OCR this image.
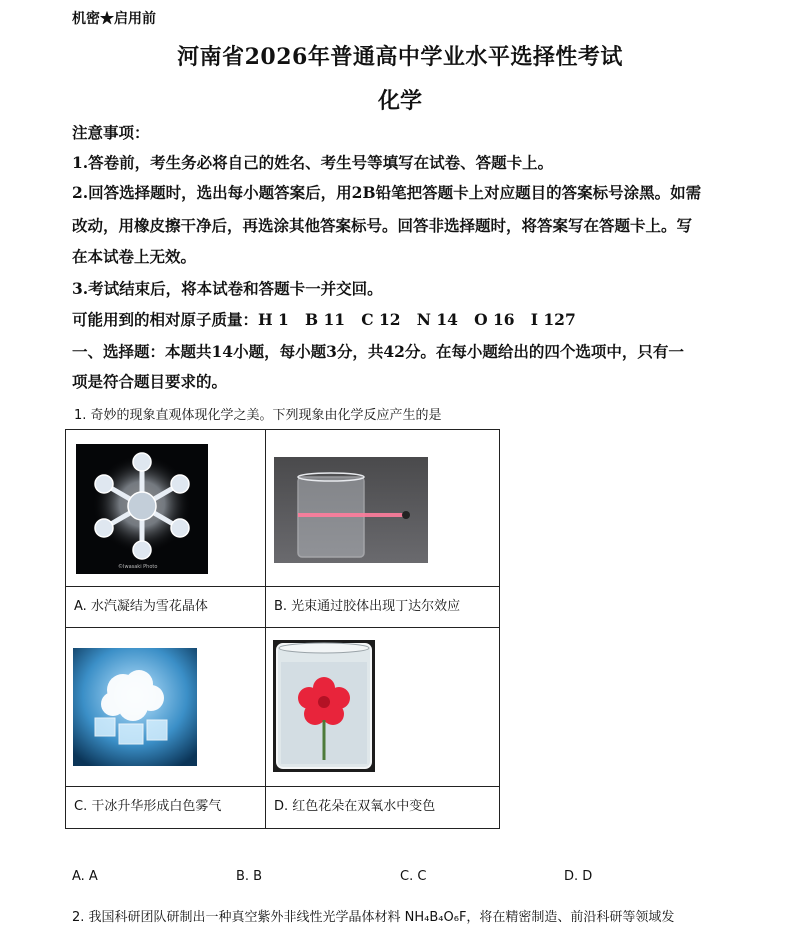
机密★启用前
河南省2026年普通高中学业水平选择性考试
化学
注意事项：
1.答卷前，考生务必将自己的姓名、考生号等填写在试卷、答题卡上。
2.回答选择题时，选出每小题答案后，用2B铅笔把答题卡上对应题目的答案标号涂黑。如需
改动，用橡皮擦干净后，再选涂其他答案标号。回答非选择题时，将答案写在答题卡上。写
在本试卷上无效。
3.考试结束后，将本试卷和答题卡一并交回。
可能用到的相对原子质量：H 1   B 11   C 12   N 14   O 16   I 127
一、选择题：本题共14小题，每小题3分，共42分。在每小题给出的四个选项中，只有一
项是符合题目要求的。
1. 奇妙的现象直观体现化学之美。下列现象由化学反应产生的是
©Iwasaki Photo
A. 水汽凝结为雪花晶体	B. 光束通过胶体出现丁达尔效应
C. 干冰升华形成白色雾气	D. 红色花朵在双氧水中变色
A. A	B. B	C. C	D. D
2. 我国科研团队研制出一种真空紫外非线性光学晶体材料 NH₄B₄O₆F，将在精密制造、前沿科研等领域发
